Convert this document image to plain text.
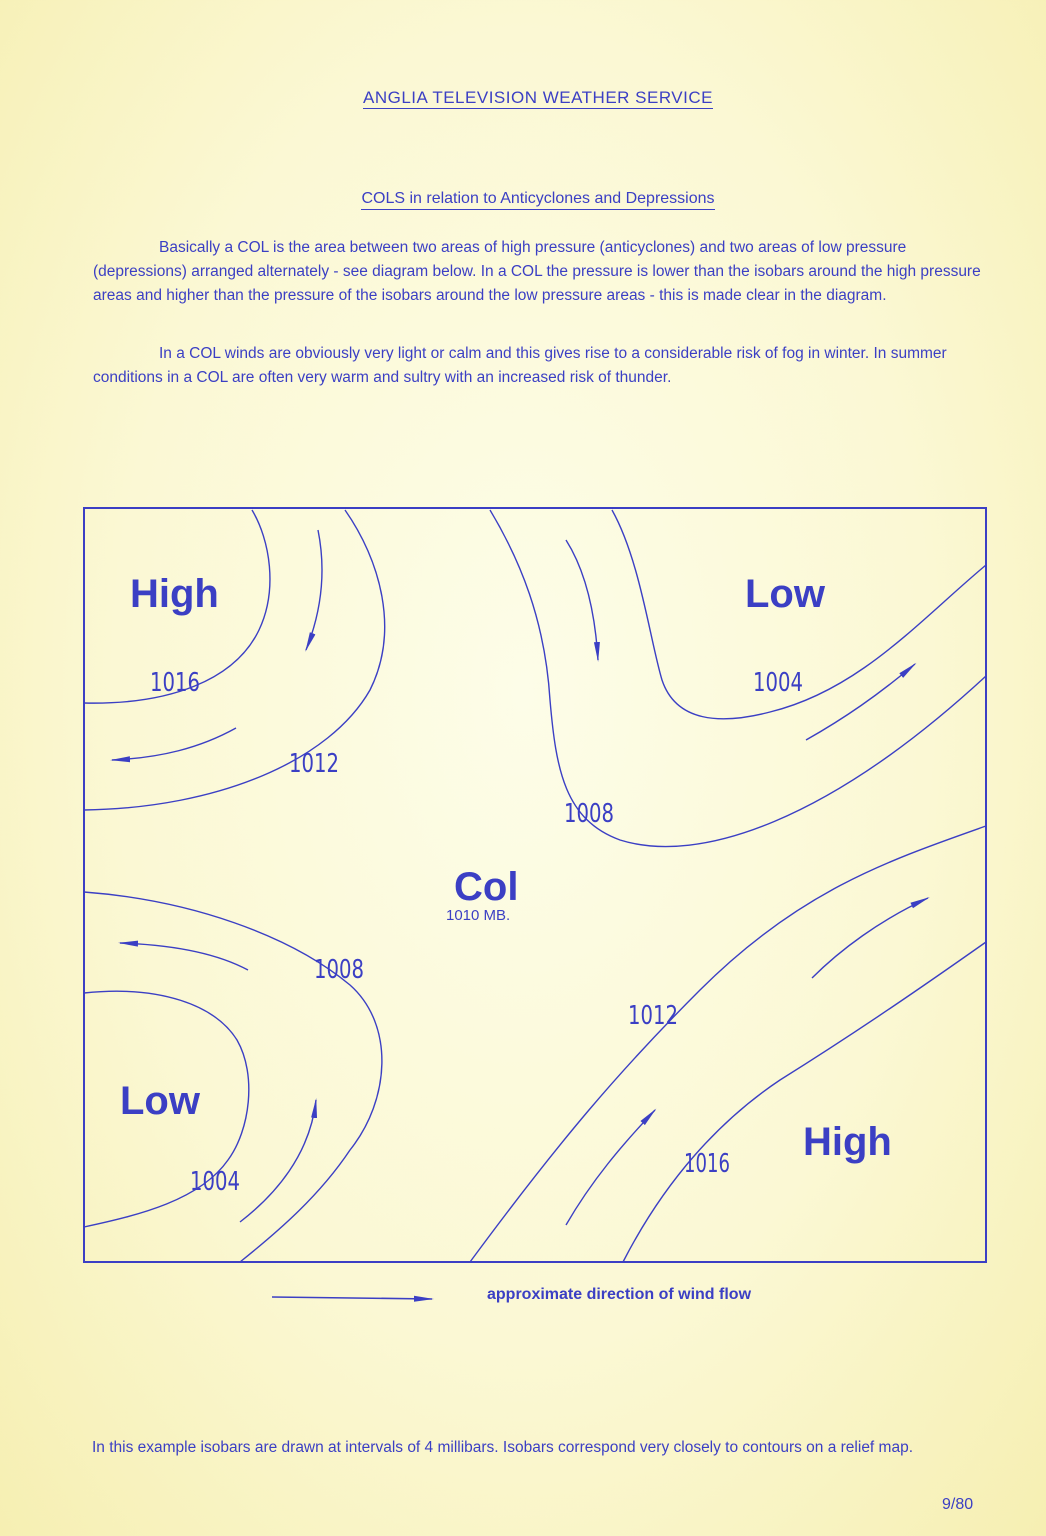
ANGLIA TELEVISION WEATHER SERVICE
COLS in relation to Anticyclones and Depressions

Basically a COL is the area between two areas of high pressure (anticyclones) and two areas of low pressure (depressions) arranged alternately - see diagram below. In a COL the pressure is lower than the isobars around the high pressure areas and higher than the pressure of the isobars around the low pressure areas - this is made clear in the diagram.

In a COL winds are obviously very light or calm and this gives rise to a considerable risk of fog in winter. In summer conditions in a COL are often very warm and sultry with an increased risk of thunder.

High	Low
Low
High
Col
1010 MB.
1016
1012
1004
1008
1008
1004
1012
1016
approximate direction of wind flow

In this example isobars are drawn at intervals of 4 millibars. Isobars correspond very closely to contours on a relief map.

9/80
